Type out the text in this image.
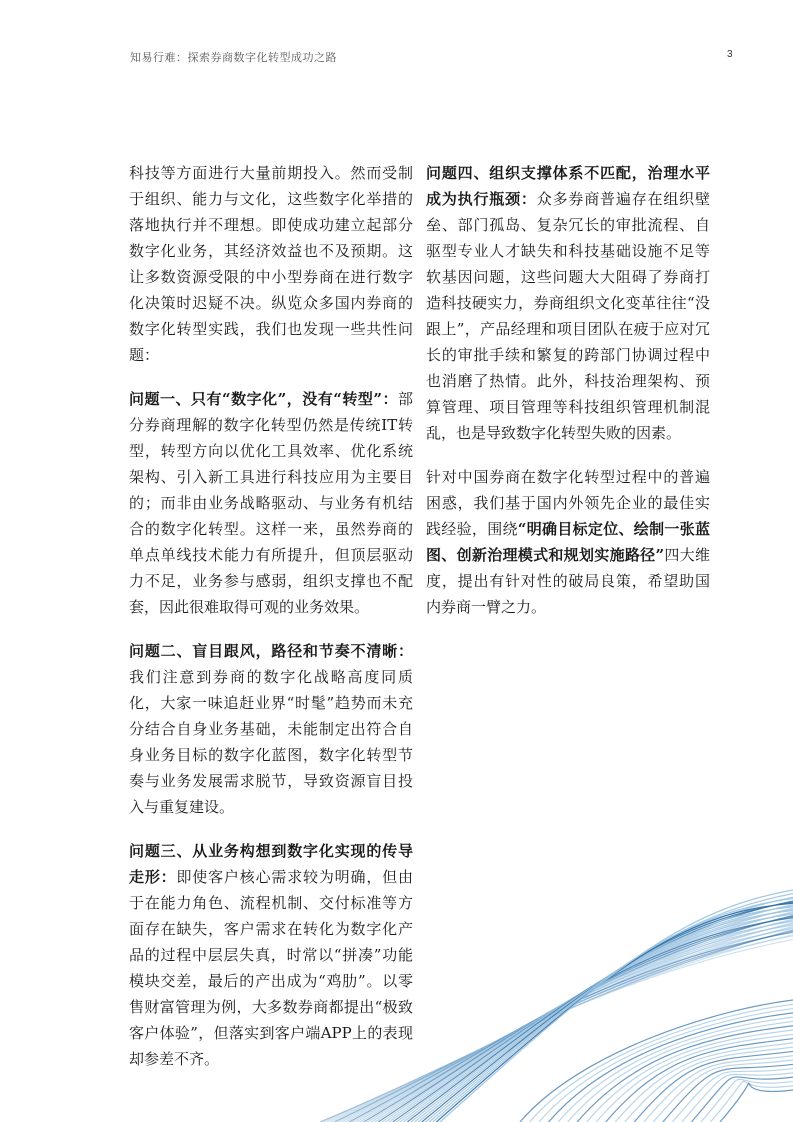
知易行难：探索券商数字化转型成功之路	3

科技等方面进行大量前期投入。然而受制于组织、能力与文化，这些数字化举措的落地执行并不理想。即使成功建立起部分数字化业务，其经济效益也不及预期。这让多数资源受限的中小型券商在进行数字化决策时迟疑不决。纵览众多国内券商的数字化转型实践，我们也发现一些共性问题：

问题一、只有“数字化”，没有“转型”：部分券商理解的数字化转型仍然是传统IT转型，转型方向以优化工具效率、优化系统架构、引入新工具进行科技应用为主要目的；而非由业务战略驱动、与业务有机结合的数字化转型。这样一来，虽然券商的单点单线技术能力有所提升，但顶层驱动力不足，业务参与感弱，组织支撑也不配套，因此很难取得可观的业务效果。

问题二、盲目跟风，路径和节奏不清晰：我们注意到券商的数字化战略高度同质化，大家一味追赶业界“时髦”趋势而未充分结合自身业务基础，未能制定出符合自身业务目标的数字化蓝图，数字化转型节奏与业务发展需求脱节，导致资源盲目投入与重复建设。

问题三、从业务构想到数字化实现的传导走形：即使客户核心需求较为明确，但由于在能力角色、流程机制、交付标准等方面存在缺失，客户需求在转化为数字化产品的过程中层层失真，时常以“拼凑”功能模块交差，最后的产出成为“鸡肋”。以零售财富管理为例，大多数券商都提出“极致客户体验”，但落实到客户端APP上的表现却参差不齐。

问题四、组织支撑体系不匹配，治理水平成为执行瓶颈：众多券商普遍存在组织壁垒、部门孤岛、复杂冗长的审批流程、自驱型专业人才缺失和科技基础设施不足等软基因问题，这些问题大大阻碍了券商打造科技硬实力，券商组织文化变革往往“没跟上”，产品经理和项目团队在疲于应对冗长的审批手续和繁复的跨部门协调过程中也消磨了热情。此外，科技治理架构、预算管理、项目管理等科技组织管理机制混乱，也是导致数字化转型失败的因素。

针对中国券商在数字化转型过程中的普遍困惑，我们基于国内外领先企业的最佳实践经验，围绕“明确目标定位、绘制一张蓝图、创新治理模式和规划实施路径”四大维度，提出有针对性的破局良策，希望助国内券商一臂之力。
